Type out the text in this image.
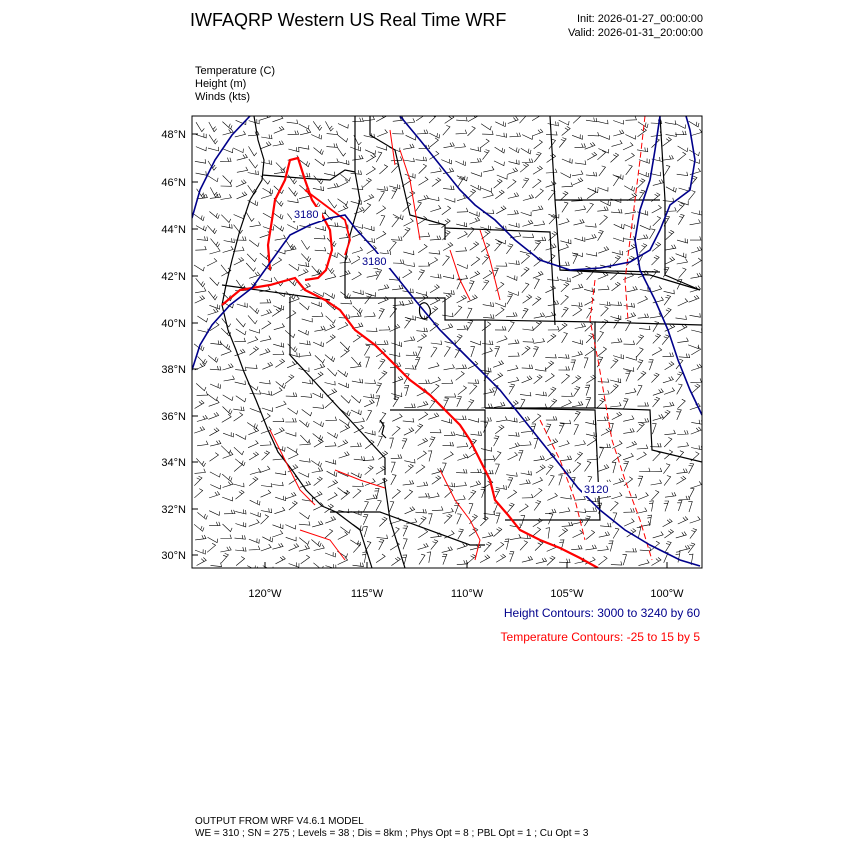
IWFAQRP Western US Real Time WRF	Init: 2026-01-27_00:00:00
Valid: 2026-01-31_20:00:00
Temperature (C)
Height (m)
Winds (kts)
3180
3180
3120
48°N
46°N
44°N
42°N
40°N
38°N
36°N
34°N
32°N
30°N
120°W	115°W	110°W	105°W	100°W
Height Contours: 3000 to 3240 by 60
Temperature Contours: -25 to 15 by 5
OUTPUT FROM WRF V4.6.1 MODEL
WE = 310 ; SN = 275 ; Levels = 38 ; Dis = 8km ; Phys Opt = 8 ; PBL Opt = 1 ; Cu Opt = 3
